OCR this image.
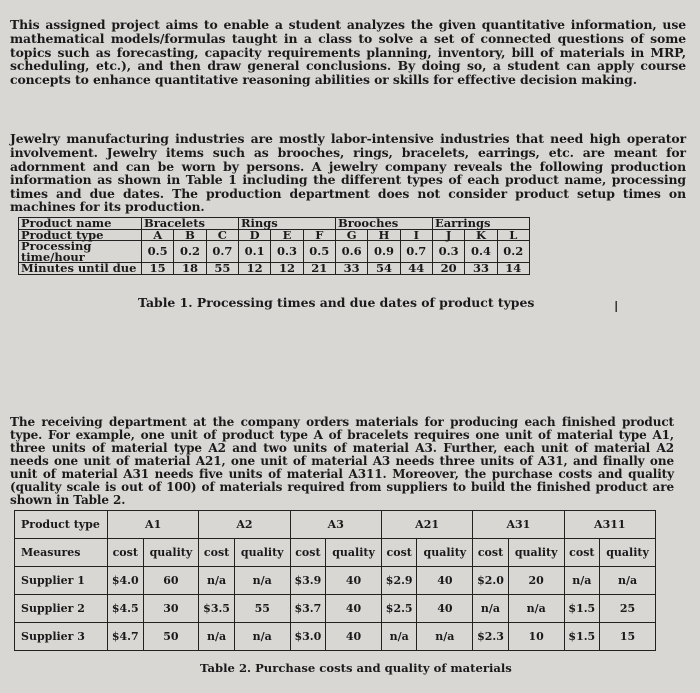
This assigned project aims to enable a student analyzes the given quantitative information, use mathematical models/formulas taught in a class to solve a set of connected questions of some topics such as forecasting, capacity requirements planning, inventory, bill of materials in MRP, scheduling, etc.), and then draw general conclusions. By doing so, a student can apply course concepts to enhance quantitative reasoning abilities or skills for effective decision making.

Jewelry manufacturing industries are mostly labor-intensive industries that need high operator involvement. Jewelry items such as brooches, rings, bracelets, earrings, etc. are meant for adornment and can be worn by persons. A jewelry company reveals the following production information as shown in Table 1 including the different types of each product name, processing times and due dates. The production department does not consider product setup times on machines for its production.

Product name	Bracelets			Rings			Brooches			Earrings		
Product type	A	B	C	D	E	F	G	H	I	J	K	L
Processing time/hour	0.5	0.2	0.7	0.1	0.3	0.5	0.6	0.9	0.7	0.3	0.4	0.2
Minutes until due	15	18	55	12	12	21	33	54	44	20	33	14
Table 1. Processing times and due dates of product types	I

The receiving department at the company orders materials for producing each finished product type. For example, one unit of product type A of bracelets requires one unit of material type A1, three units of material type A2 and two units of material A3. Further, each unit of material A2 needs one unit of material A21, one unit of material A3 needs three units of A31, and finally one unit of material A31 needs five units of material A311. Moreover, the purchase costs and quality (quality scale is out of 100) of materials required from suppliers to build the finished product are shown in Table 2.

Product type	A1		A2		A3		A21		A31		A311	
Measures	cost	quality	cost	quality	cost	quality	cost	quality	cost	quality	cost	quality
Supplier 1	$4.0	60	n/a	n/a	$3.9	40	$2.9	40	$2.0	20	n/a	n/a
Supplier 2	$4.5	30	$3.5	55	$3.7	40	$2.5	40	n/a	n/a	$1.5	25
Supplier 3	$4.7	50	n/a	n/a	$3.0	40	n/a	n/a	$2.3	10	$1.5	15
Table 2. Purchase costs and quality of materials
